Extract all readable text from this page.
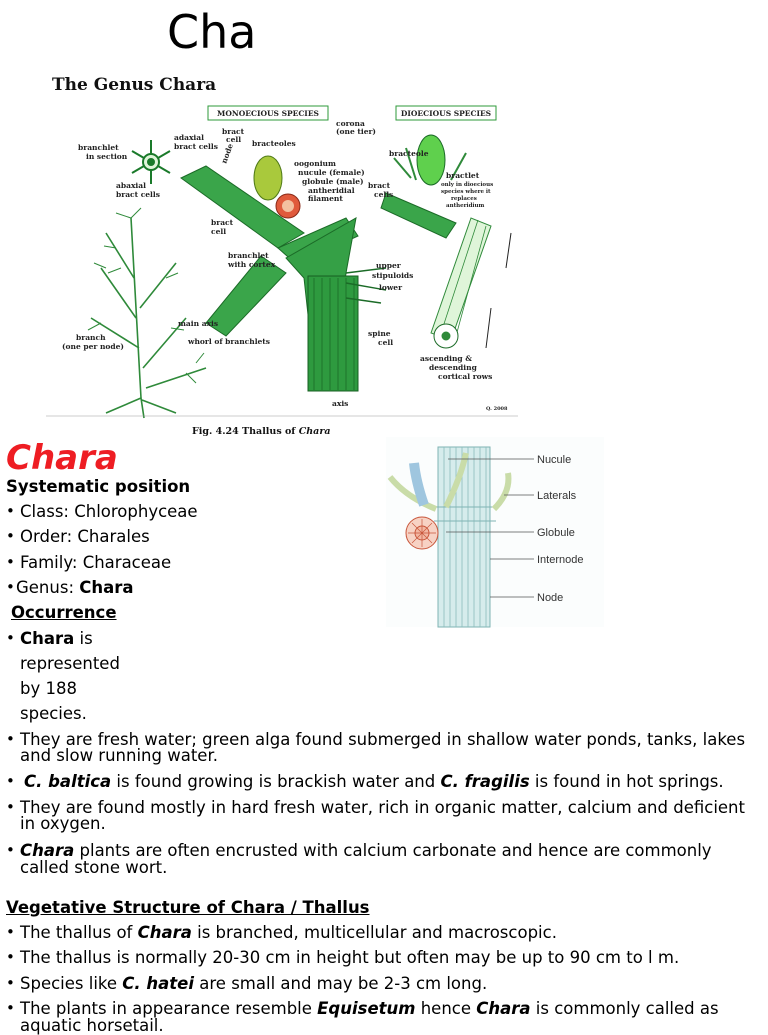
Cha
The Genus Chara
MONOECIOUS SPECIES	DIOECIOUS SPECIES
branchlet in section
adaxial bract cells
abaxial bract cells
bract cell
node bracteoles
corona (one tier)
oogonium nucule (female) globule (male) antheridial filament
bract cell
branchlet with cortex
bracteole
bract cells
bractlet only in dioecious species where it replaces antheridium
upper
stipuloids
lower
main axis
branch (one per node)
whorl of branchlets
spine cell
axis
ascending & descending cortical rows
Q. 2008
Fig. 4.24 Thallus of Chara
Nucule
Laterals
Globule
Internode
Node
Chara
Systematic position
• Class: Chlorophyceae
• Order: Charales
• Family: Characeae
• Genus: Chara
Occurrence
• Chara is
represented
by 188
species.
• They are fresh water; green alga found submerged in shallow water ponds, tanks, lakes
and slow running water.
• C. baltica is found growing is brackish water and C. fragilis is found in hot springs.
• They are found mostly in hard fresh water, rich in organic matter, calcium and deficient
in oxygen.
• Chara plants are often encrusted with calcium carbonate and hence are commonly
called stone wort.
Vegetative Structure of Chara / Thallus
• The thallus of Chara is branched, multicellular and macroscopic.
• The thallus is normally 20-30 cm in height but often may be up to 90 cm to l m.
• Species like C. hatei are small and may be 2-3 cm long.
• The plants in appearance resemble Equisetum hence Chara is commonly called as
aquatic horsetail.
